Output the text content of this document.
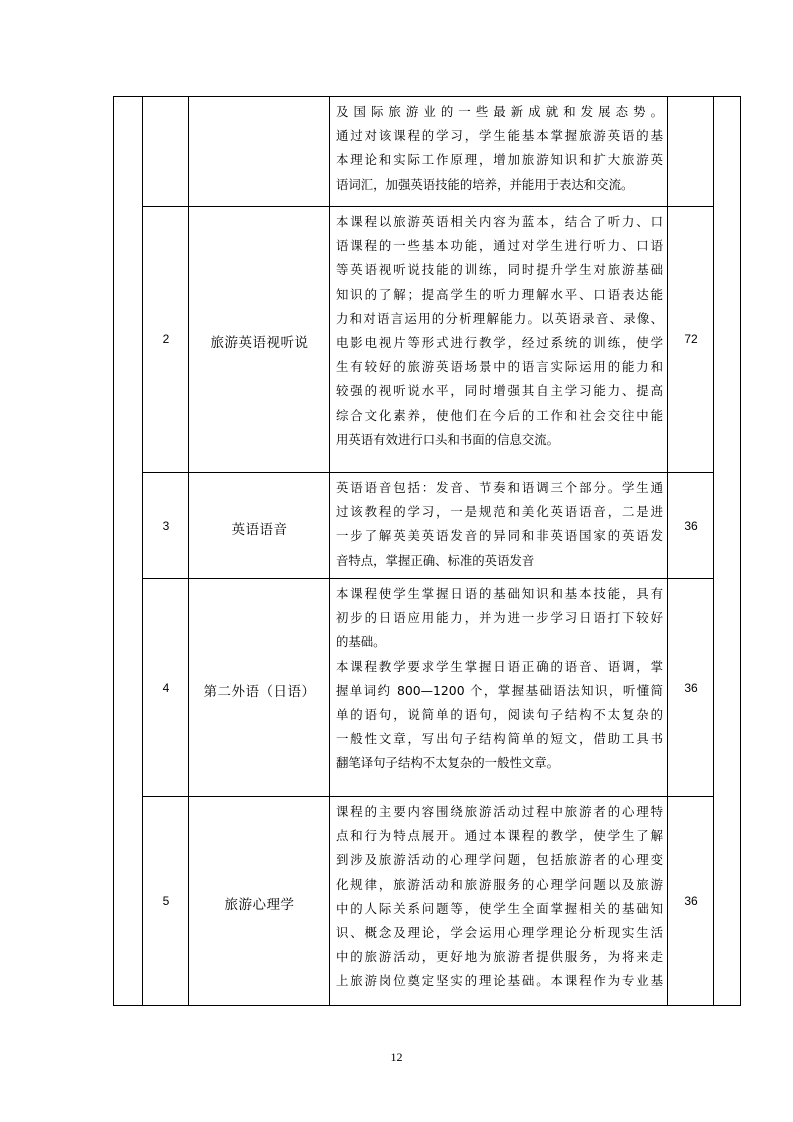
及国际旅游业的一些最新成就和发展态势。
通过对该课程的学习，学生能基本掌握旅游英语的基
本理论和实际工作原理，增加旅游知识和扩大旅游英
语词汇，加强英语技能的培养，并能用于表达和交流。
2	旅游英语视听说	72
本课程以旅游英语相关内容为蓝本，结合了听力、口
语课程的一些基本功能，通过对学生进行听力、口语
等英语视听说技能的训练，同时提升学生对旅游基础
知识的了解；提高学生的听力理解水平、口语表达能
力和对语言运用的分析理解能力。以英语录音、录像、
电影电视片等形式进行教学，经过系统的训练，使学
生有较好的旅游英语场景中的语言实际运用的能力和
较强的视听说水平，同时增强其自主学习能力、提高
综合文化素养，使他们在今后的工作和社会交往中能
用英语有效进行口头和书面的信息交流。
3	英语语音	36
英语语音包括：发音、节奏和语调三个部分。学生通
过该教程的学习，一是规范和美化英语语音，二是进
一步了解英美英语发音的异同和非英语国家的英语发
音特点，掌握正确、标准的英语发音
4	第二外语（日语）	36
本课程使学生掌握日语的基础知识和基本技能，具有
初步的日语应用能力，并为进一步学习日语打下较好
的基础。
本课程教学要求学生掌握日语正确的语音、语调，掌
握单词约 800—1200 个，掌握基础语法知识，听懂简
单的语句，说简单的语句，阅读句子结构不太复杂的
一般性文章，写出句子结构简单的短文，借助工具书
翻笔译句子结构不太复杂的一般性文章。
5	旅游心理学	36
课程的主要内容围绕旅游活动过程中旅游者的心理特
点和行为特点展开。通过本课程的教学，使学生了解
到涉及旅游活动的心理学问题，包括旅游者的心理变
化规律，旅游活动和旅游服务的心理学问题以及旅游
中的人际关系问题等，使学生全面掌握相关的基础知
识、概念及理论，学会运用心理学理论分析现实生活
中的旅游活动，更好地为旅游者提供服务，为将来走
上旅游岗位奠定坚实的理论基础。本课程作为专业基
12
